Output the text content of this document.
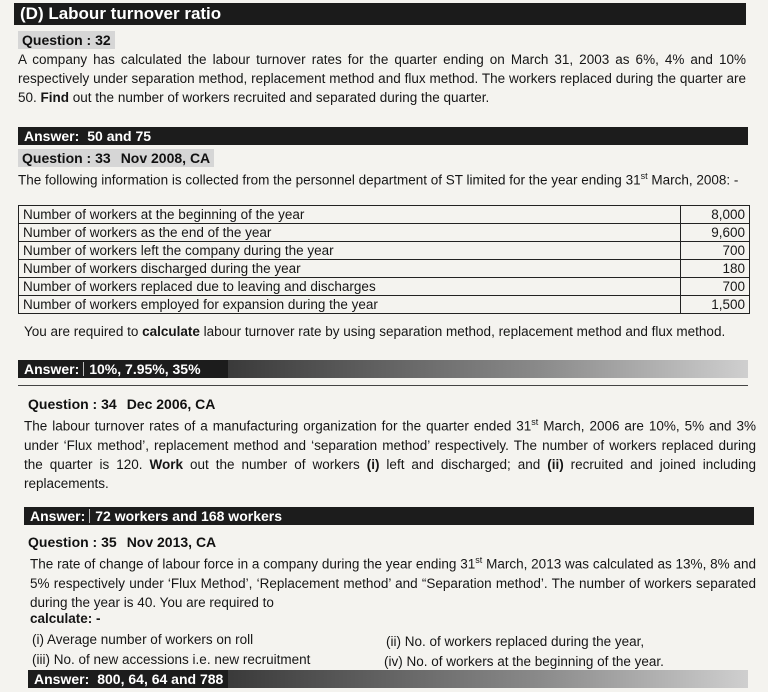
(D) Labour turnover ratio
Question : 32
A company has calculated the labour turnover rates for the quarter ending on March 31, 2003 as 6%, 4% and 10% respectively under separation method, replacement method and flux method. The workers replaced during the quarter are 50. Find out the number of workers recruited and separated during the quarter.
Answer: 50 and 75
Question : 33 Nov 2008, CA
The following information is collected from the personnel department of ST limited for the year ending 31st March, 2008: -
Number of workers at the beginning of the year	8,000
Number of workers as the end of the year	9,600
Number of workers left the company during the year	700
Number of workers discharged during the year	180
Number of workers replaced due to leaving and discharges	700
Number of workers employed for expansion during the year	1,500
You are required to calculate labour turnover rate by using separation method, replacement method and flux method.
Answer: 10%, 7.95%, 35%
Question : 34 Dec 2006, CA
The labour turnover rates of a manufacturing organization for the quarter ended 31st March, 2006 are 10%, 5% and 3% under ‘Flux method’, replacement method and ‘separation method’ respectively. The number of workers replaced during the quarter is 120. Work out the number of workers (i) left and discharged; and (ii) recruited and joined including replacements.
Answer: 72 workers and 168 workers
Question : 35 Nov 2013, CA
The rate of change of labour force in a company during the year ending 31st March, 2013 was calculated as 13%, 8% and 5% respectively under ‘Flux Method’, ‘Replacement method’ and “Separation method’. The number of workers separated during the year is 40. You are required to
calculate: -
(i) Average number of workers on roll	(ii) No. of workers replaced during the year,
(iii) No. of new accessions i.e. new recruitment	(iv) No. of workers at the beginning of the year.
Answer: 800, 64, 64 and 788
